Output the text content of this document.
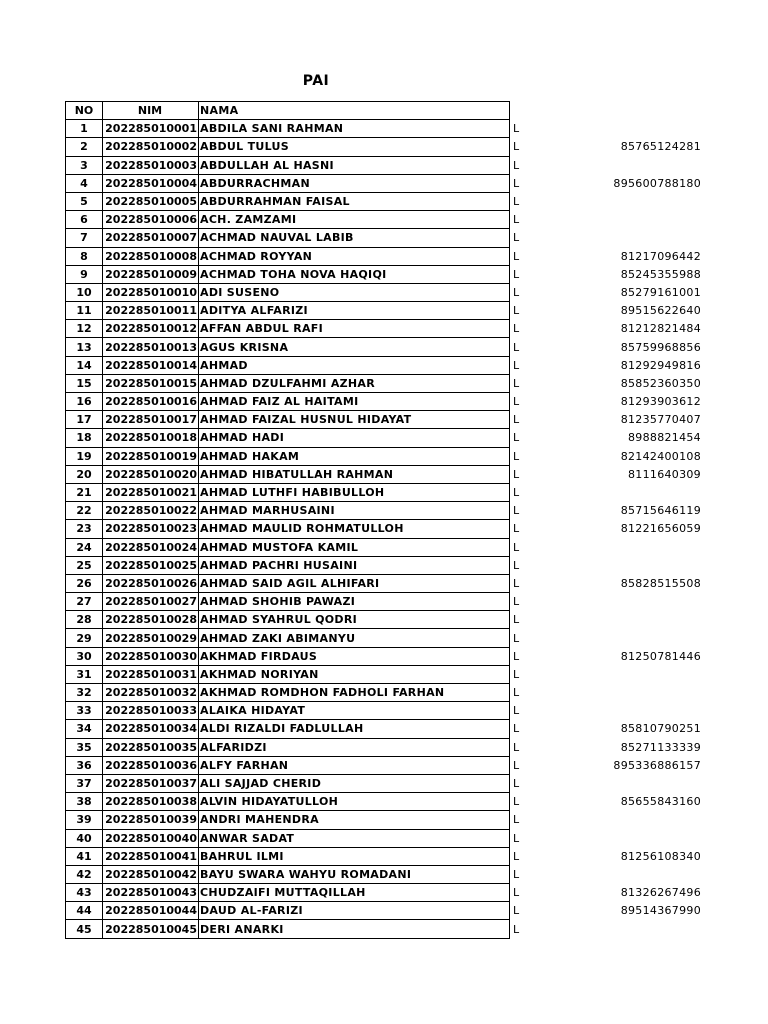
PAI
NO	NIM	NAMA		
1	202285010001	ABDILA SANI RAHMAN	L	
2	202285010002	ABDUL TULUS	L	85765124281
3	202285010003	ABDULLAH AL HASNI	L	
4	202285010004	ABDURRACHMAN	L	895600788180
5	202285010005	ABDURRAHMAN FAISAL	L	
6	202285010006	ACH. ZAMZAMI	L	
7	202285010007	ACHMAD NAUVAL LABIB	L	
8	202285010008	ACHMAD ROYYAN	L	81217096442
9	202285010009	ACHMAD TOHA NOVA HAQIQI	L	85245355988
10	202285010010	ADI SUSENO	L	85279161001
11	202285010011	ADITYA ALFARIZI	L	89515622640
12	202285010012	AFFAN ABDUL RAFI	L	81212821484
13	202285010013	AGUS KRISNA	L	85759968856
14	202285010014	AHMAD	L	81292949816
15	202285010015	AHMAD DZULFAHMI AZHAR	L	85852360350
16	202285010016	AHMAD FAIZ AL HAITAMI	L	81293903612
17	202285010017	AHMAD FAIZAL HUSNUL HIDAYAT	L	81235770407
18	202285010018	AHMAD HADI	L	8988821454
19	202285010019	AHMAD HAKAM	L	82142400108
20	202285010020	AHMAD HIBATULLAH RAHMAN	L	8111640309
21	202285010021	AHMAD LUTHFI HABIBULLOH	L	
22	202285010022	AHMAD MARHUSAINI	L	85715646119
23	202285010023	AHMAD MAULID ROHMATULLOH	L	81221656059
24	202285010024	AHMAD MUSTOFA KAMIL	L	
25	202285010025	AHMAD PACHRI HUSAINI	L	
26	202285010026	AHMAD SAID AGIL ALHIFARI	L	85828515508
27	202285010027	AHMAD SHOHIB PAWAZI	L	
28	202285010028	AHMAD SYAHRUL QODRI	L	
29	202285010029	AHMAD ZAKI ABIMANYU	L	
30	202285010030	AKHMAD FIRDAUS	L	81250781446
31	202285010031	AKHMAD NORIYAN	L	
32	202285010032	AKHMAD ROMDHON FADHOLI FARHAN	L	
33	202285010033	ALAIKA HIDAYAT	L	
34	202285010034	ALDI RIZALDI FADLULLAH	L	85810790251
35	202285010035	ALFARIDZI	L	85271133339
36	202285010036	ALFY FARHAN	L	895336886157
37	202285010037	ALI SAJJAD CHERID	L	
38	202285010038	ALVIN HIDAYATULLOH	L	85655843160
39	202285010039	ANDRI MAHENDRA	L	
40	202285010040	ANWAR SADAT	L	
41	202285010041	BAHRUL ILMI	L	81256108340
42	202285010042	BAYU SWARA WAHYU ROMADANI	L	
43	202285010043	CHUDZAIFI MUTTAQILLAH	L	81326267496
44	202285010044	DAUD AL-FARIZI	L	89514367990
45	202285010045	DERI ANARKI	L	
